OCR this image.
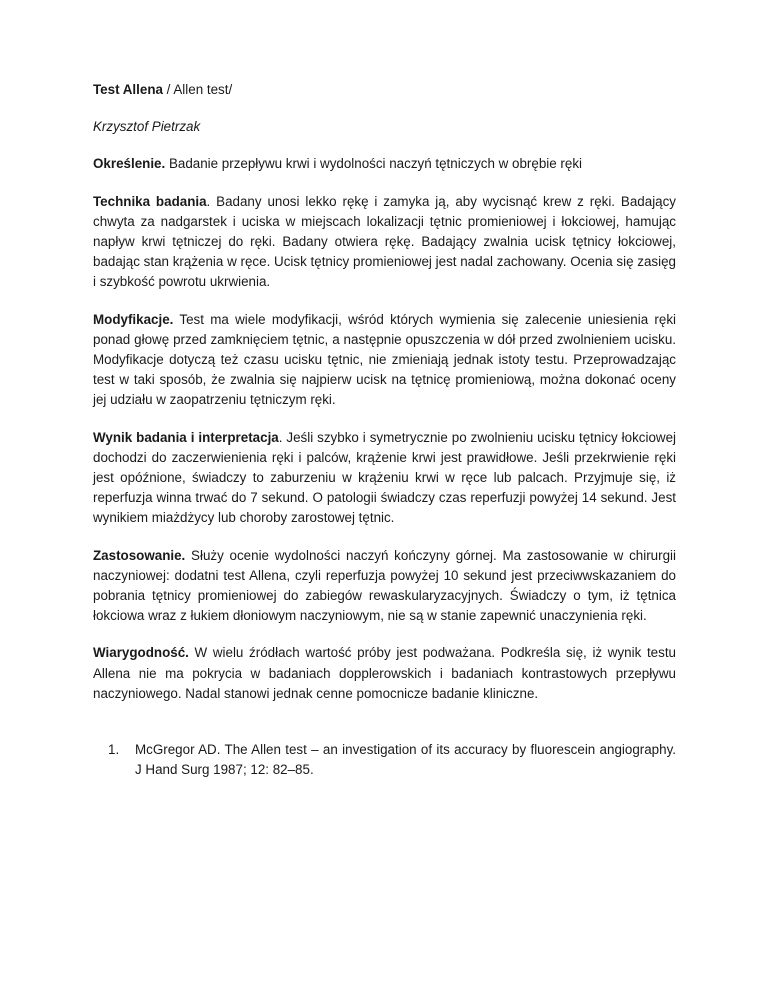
Test Allena / Allen test/

Krzysztof Pietrzak

Określenie. Badanie przepływu krwi i wydolności naczyń tętniczych w obrębie ręki

Technika badania. Badany unosi lekko rękę i zamyka ją, aby wycisnąć krew z ręki. Badający chwyta za nadgarstek i uciska w miejscach lokalizacji tętnic promieniowej i łokciowej, hamując napływ krwi tętniczej do ręki. Badany otwiera rękę. Badający zwalnia ucisk tętnicy łokciowej, badając stan krążenia w ręce. Ucisk tętnicy promieniowej jest nadal zachowany. Ocenia się zasięg i szybkość powrotu ukrwienia.

Modyfikacje. Test ma wiele modyfikacji, wśród których wymienia się zalecenie uniesienia ręki ponad głowę przed zamknięciem tętnic, a następnie opuszczenia w dół przed zwolnieniem ucisku. Modyfikacje dotyczą też czasu ucisku tętnic, nie zmieniają jednak istoty testu. Przeprowadzając test w taki sposób, że zwalnia się najpierw ucisk na tętnicę promieniową, można dokonać oceny jej udziału w zaopatrzeniu tętniczym ręki.

Wynik badania i interpretacja. Jeśli szybko i symetrycznie po zwolnieniu ucisku tętnicy łokciowej dochodzi do zaczerwienienia ręki i palców, krążenie krwi jest prawidłowe. Jeśli przekrwienie ręki jest opóźnione, świadczy to zaburzeniu w krążeniu krwi w ręce lub palcach. Przyjmuje się, iż reperfuzja winna trwać do 7 sekund. O patologii świadczy czas reperfuzji powyżej 14 sekund. Jest wynikiem miażdżycy lub choroby zarostowej tętnic.

Zastosowanie. Służy ocenie wydolności naczyń kończyny górnej. Ma zastosowanie w chirurgii naczyniowej: dodatni test Allena, czyli reperfuzja powyżej 10 sekund jest przeciwwskazaniem do pobrania tętnicy promieniowej do zabiegów rewaskularyzacyjnych. Świadczy o tym, iż tętnica łokciowa wraz z łukiem dłoniowym naczyniowym, nie są w stanie zapewnić unaczynienia ręki.

Wiarygodność. W wielu źródłach wartość próby jest podważana. Podkreśla się, iż wynik testu Allena nie ma pokrycia w badaniach dopplerowskich i badaniach kontrastowych przepływu naczyniowego. Nadal stanowi jednak cenne pomocnicze badanie kliniczne.

1.	McGregor AD. The Allen test – an investigation of its accuracy by fluorescein angiography. J Hand Surg 1987; 12: 82–85.
